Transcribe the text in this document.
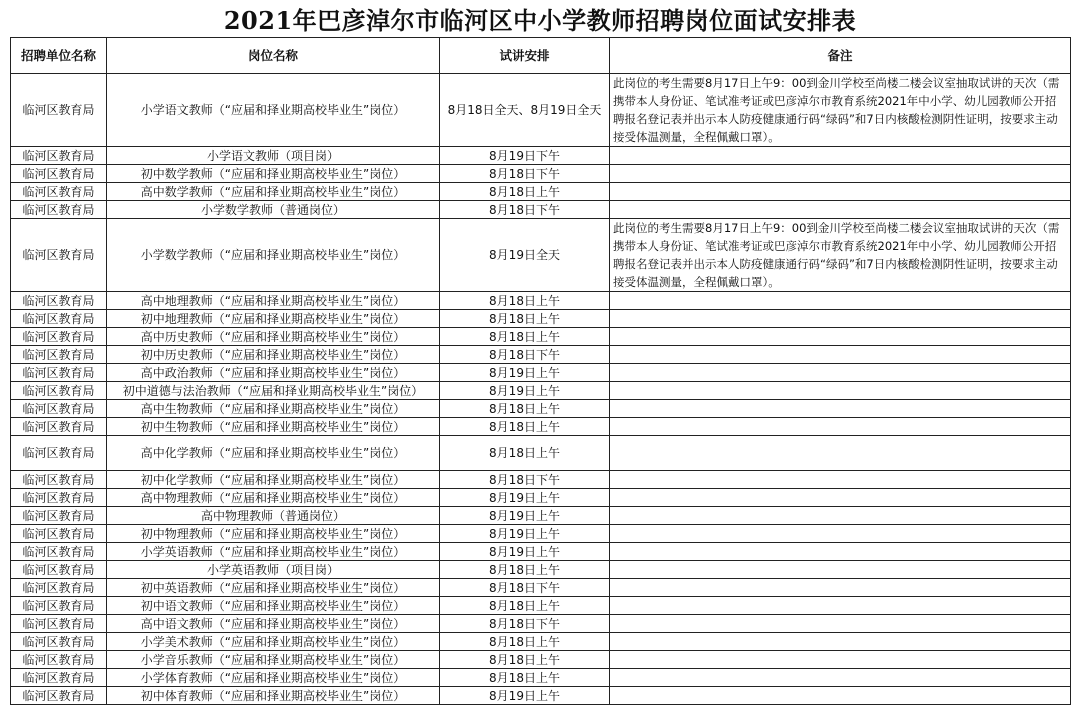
2021年巴彦淖尔市临河区中小学教师招聘岗位面试安排表
招聘单位名称	岗位名称	试讲安排	备注
临河区教育局	小学语文教师（“应届和择业期高校毕业生”岗位）	8月18日全天、8月19日全天	此岗位的考生需要8月17日上午9：00到金川学校至尚楼二楼会议室抽取试讲的天次（需携带本人身份证、笔试准考证或巴彦淖尔市教育系统2021年中小学、幼儿园教师公开招聘报名登记表并出示本人防疫健康通行码“绿码”和7日内核酸检测阴性证明，按要求主动接受体温测量，全程佩戴口罩）。
临河区教育局	小学语文教师（项目岗）	8月19日下午	
临河区教育局	初中数学教师（“应届和择业期高校毕业生”岗位）	8月18日下午	
临河区教育局	高中数学教师（“应届和择业期高校毕业生”岗位）	8月18日上午	
临河区教育局	小学数学教师（普通岗位）	8月18日下午	
临河区教育局	小学数学教师（“应届和择业期高校毕业生”岗位）	8月19日全天	此岗位的考生需要8月17日上午9：00到金川学校至尚楼二楼会议室抽取试讲的天次（需携带本人身份证、笔试准考证或巴彦淖尔市教育系统2021年中小学、幼儿园教师公开招聘报名登记表并出示本人防疫健康通行码“绿码”和7日内核酸检测阴性证明，按要求主动接受体温测量，全程佩戴口罩）。
临河区教育局	高中地理教师（“应届和择业期高校毕业生”岗位）	8月18日上午	
临河区教育局	初中地理教师（“应届和择业期高校毕业生”岗位）	8月18日上午	
临河区教育局	高中历史教师（“应届和择业期高校毕业生”岗位）	8月18日上午	
临河区教育局	初中历史教师（“应届和择业期高校毕业生”岗位）	8月18日下午	
临河区教育局	高中政治教师（“应届和择业期高校毕业生”岗位）	8月19日上午	
临河区教育局	初中道德与法治教师（“应届和择业期高校毕业生”岗位）	8月19日上午	
临河区教育局	高中生物教师（“应届和择业期高校毕业生”岗位）	8月18日上午	
临河区教育局	初中生物教师（“应届和择业期高校毕业生”岗位）	8月18日上午	
临河区教育局	高中化学教师（“应届和择业期高校毕业生”岗位）	8月18日上午	
临河区教育局	初中化学教师（“应届和择业期高校毕业生”岗位）	8月18日下午	
临河区教育局	高中物理教师（“应届和择业期高校毕业生”岗位）	8月19日上午	
临河区教育局	高中物理教师（普通岗位）	8月19日上午	
临河区教育局	初中物理教师（“应届和择业期高校毕业生”岗位）	8月19日上午	
临河区教育局	小学英语教师（“应届和择业期高校毕业生”岗位）	8月19日上午	
临河区教育局	小学英语教师（项目岗）	8月18日上午	
临河区教育局	初中英语教师（“应届和择业期高校毕业生”岗位）	8月18日下午	
临河区教育局	初中语文教师（“应届和择业期高校毕业生”岗位）	8月18日上午	
临河区教育局	高中语文教师（“应届和择业期高校毕业生”岗位）	8月18日下午	
临河区教育局	小学美术教师（“应届和择业期高校毕业生”岗位）	8月18日上午	
临河区教育局	小学音乐教师（“应届和择业期高校毕业生”岗位）	8月18日上午	
临河区教育局	小学体育教师（“应届和择业期高校毕业生”岗位）	8月18日上午	
临河区教育局	初中体育教师（“应届和择业期高校毕业生”岗位）	8月19日上午	
